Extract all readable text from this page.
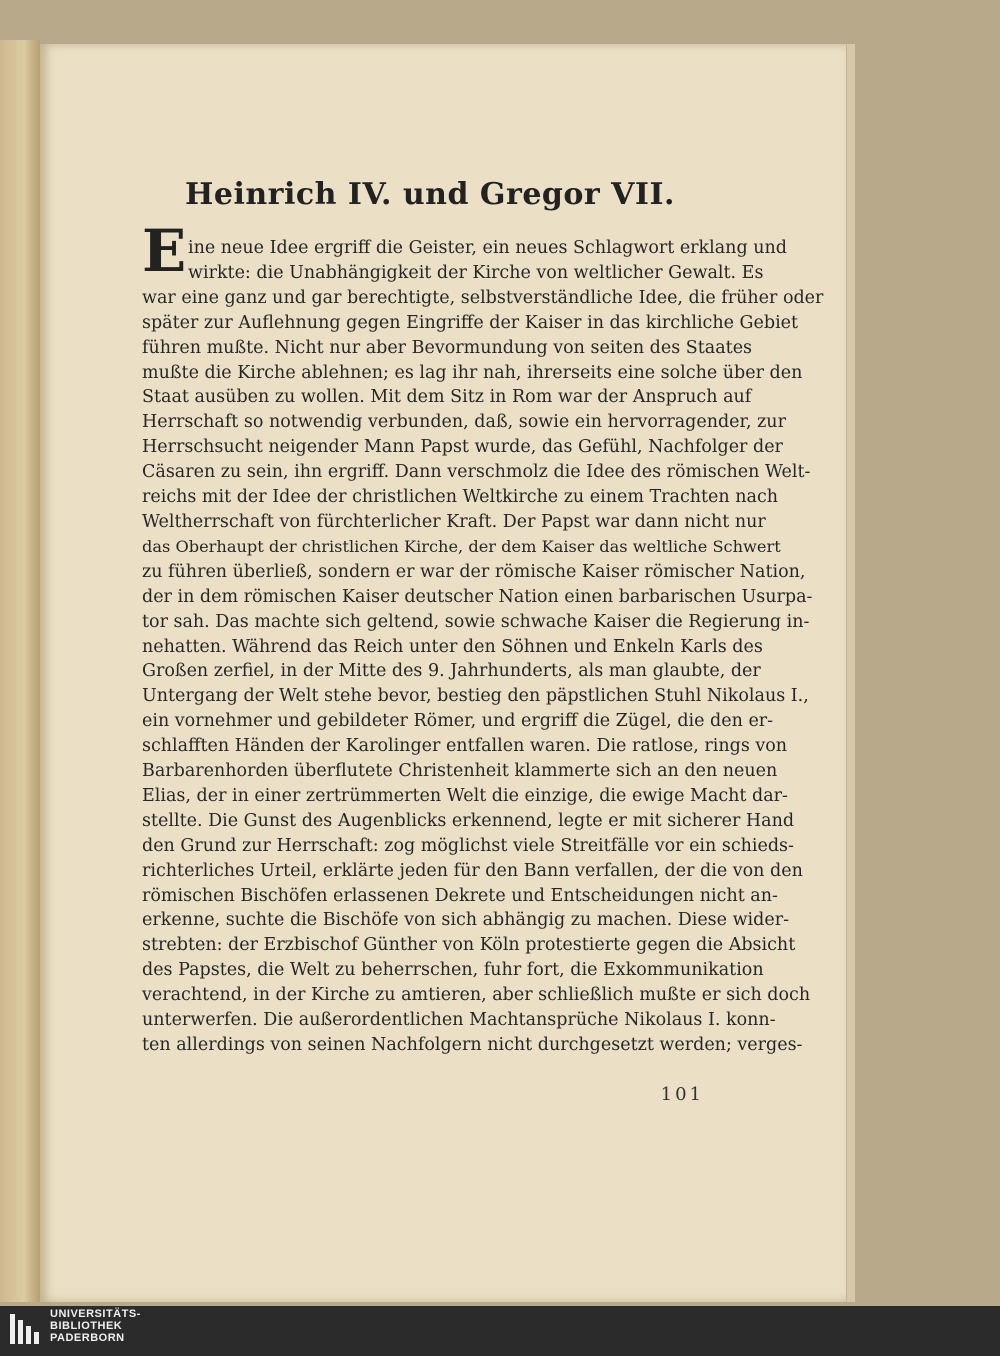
Heinrich IV. und Gregor VII.
E ine neue Idee ergriff die Geister, ein neues Schlagwort erklang und
wirkte: die Unabhängigkeit der Kirche von weltlicher Gewalt. Es
war eine ganz und gar berechtigte, selbstverständliche Idee, die früher oder
später zur Auflehnung gegen Eingriffe der Kaiser in das kirchliche Gebiet
führen mußte. Nicht nur aber Bevormundung von seiten des Staates
mußte die Kirche ablehnen; es lag ihr nah, ihrerseits eine solche über den
Staat ausüben zu wollen. Mit dem Sitz in Rom war der Anspruch auf
Herrschaft so notwendig verbunden, daß, sowie ein hervorragender, zur
Herrschsucht neigender Mann Papst wurde, das Gefühl, Nachfolger der
Cäsaren zu sein, ihn ergriff. Dann verschmolz die Idee des römischen Welt-
reichs mit der Idee der christlichen Weltkirche zu einem Trachten nach
Weltherrschaft von fürchterlicher Kraft. Der Papst war dann nicht nur
das Oberhaupt der christlichen Kirche, der dem Kaiser das weltliche Schwert
zu führen überließ, sondern er war der römische Kaiser römischer Nation,
der in dem römischen Kaiser deutscher Nation einen barbarischen Usurpa-
tor sah. Das machte sich geltend, sowie schwache Kaiser die Regierung in-
nehatten. Während das Reich unter den Söhnen und Enkeln Karls des
Großen zerfiel, in der Mitte des 9. Jahrhunderts, als man glaubte, der
Untergang der Welt stehe bevor, bestieg den päpstlichen Stuhl Nikolaus I.,
ein vornehmer und gebildeter Römer, und ergriff die Zügel, die den er-
schlafften Händen der Karolinger entfallen waren. Die ratlose, rings von
Barbarenhorden überflutete Christenheit klammerte sich an den neuen
Elias, der in einer zertrümmerten Welt die einzige, die ewige Macht dar-
stellte. Die Gunst des Augenblicks erkennend, legte er mit sicherer Hand
den Grund zur Herrschaft: zog möglichst viele Streitfälle vor ein schieds-
richterliches Urteil, erklärte jeden für den Bann verfallen, der die von den
römischen Bischöfen erlassenen Dekrete und Entscheidungen nicht an-
erkenne, suchte die Bischöfe von sich abhängig zu machen. Diese wider-
strebten: der Erzbischof Günther von Köln protestierte gegen die Absicht
des Papstes, die Welt zu beherrschen, fuhr fort, die Exkommunikation
verachtend, in der Kirche zu amtieren, aber schließlich mußte er sich doch
unterwerfen. Die außerordentlichen Machtansprüche Nikolaus I. konn-
ten allerdings von seinen Nachfolgern nicht durchgesetzt werden; verges-
101
UNIVERSITÄTS-
BIBLIOTHEK
PADERBORN
